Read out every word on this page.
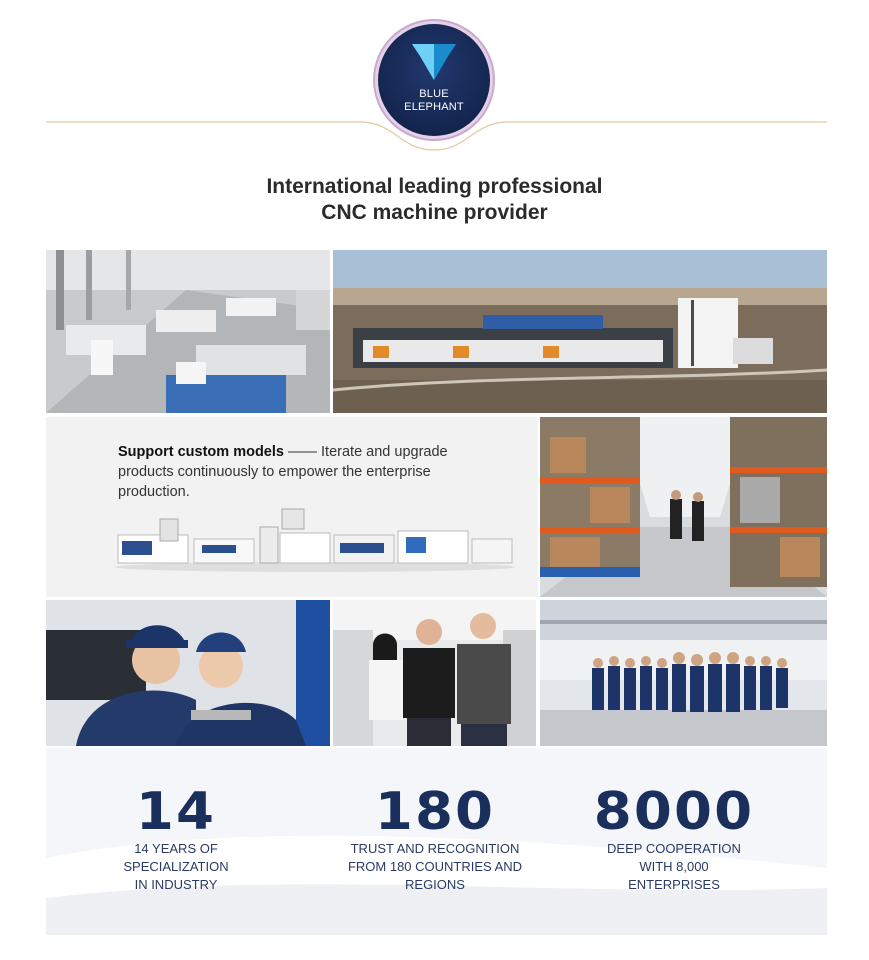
BLUE
ELEPHANT
International leading professional
CNC machine provider
Support custom models —— Iterate and upgrade products continuously to empower the enterprise production.
14
14 YEARS OF
SPECIALIZATION
IN INDUSTRY
180
TRUST AND RECOGNITION
FROM 180 COUNTRIES AND
REGIONS
8000
DEEP COOPERATION
WITH 8,000
ENTERPRISES
